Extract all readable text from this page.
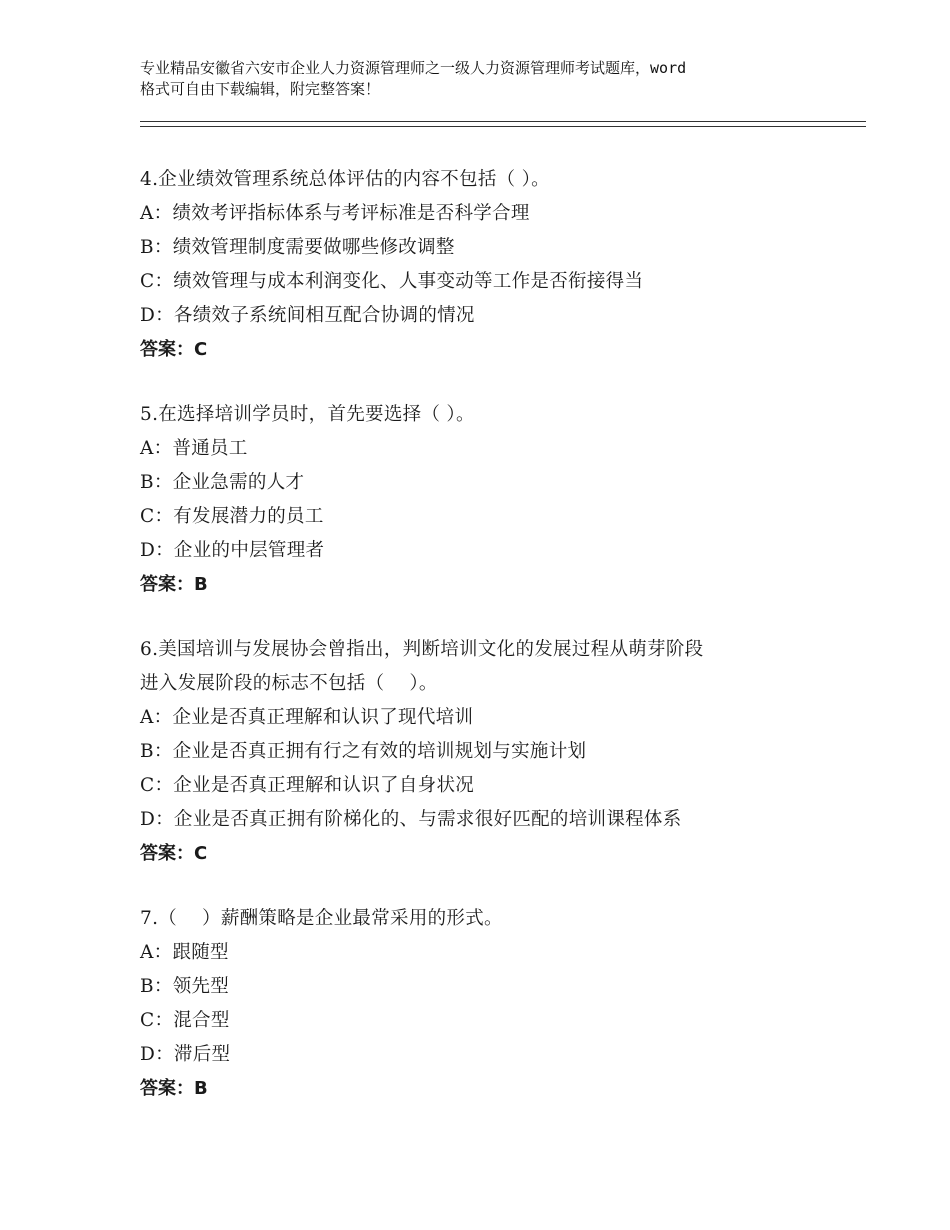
专业精品安徽省六安市企业人力资源管理师之一级人力资源管理师考试题库，word
格式可自由下载编辑，附完整答案！
4.企业绩效管理系统总体评估的内容不包括（ ）。
A：绩效考评指标体系与考评标准是否科学合理
B：绩效管理制度需要做哪些修改调整
C：绩效管理与成本利润变化、人事变动等工作是否衔接得当
D：各绩效子系统间相互配合协调的情况
答案：C
5.在选择培训学员时，首先要选择（ ）。
A：普通员工
B：企业急需的人才
C：有发展潜力的员工
D：企业的中层管理者
答案：B
6.美国培训与发展协会曾指出，判断培训文化的发展过程从萌芽阶段
进入发展阶段的标志不包括（　 ）。
A：企业是否真正理解和认识了现代培训
B：企业是否真正拥有行之有效的培训规划与实施计划
C：企业是否真正理解和认识了自身状况
D：企业是否真正拥有阶梯化的、与需求很好匹配的培训课程体系
答案：C
7.（　 ）薪酬策略是企业最常采用的形式。
A：跟随型
B：领先型
C：混合型
D：滞后型
答案：B
